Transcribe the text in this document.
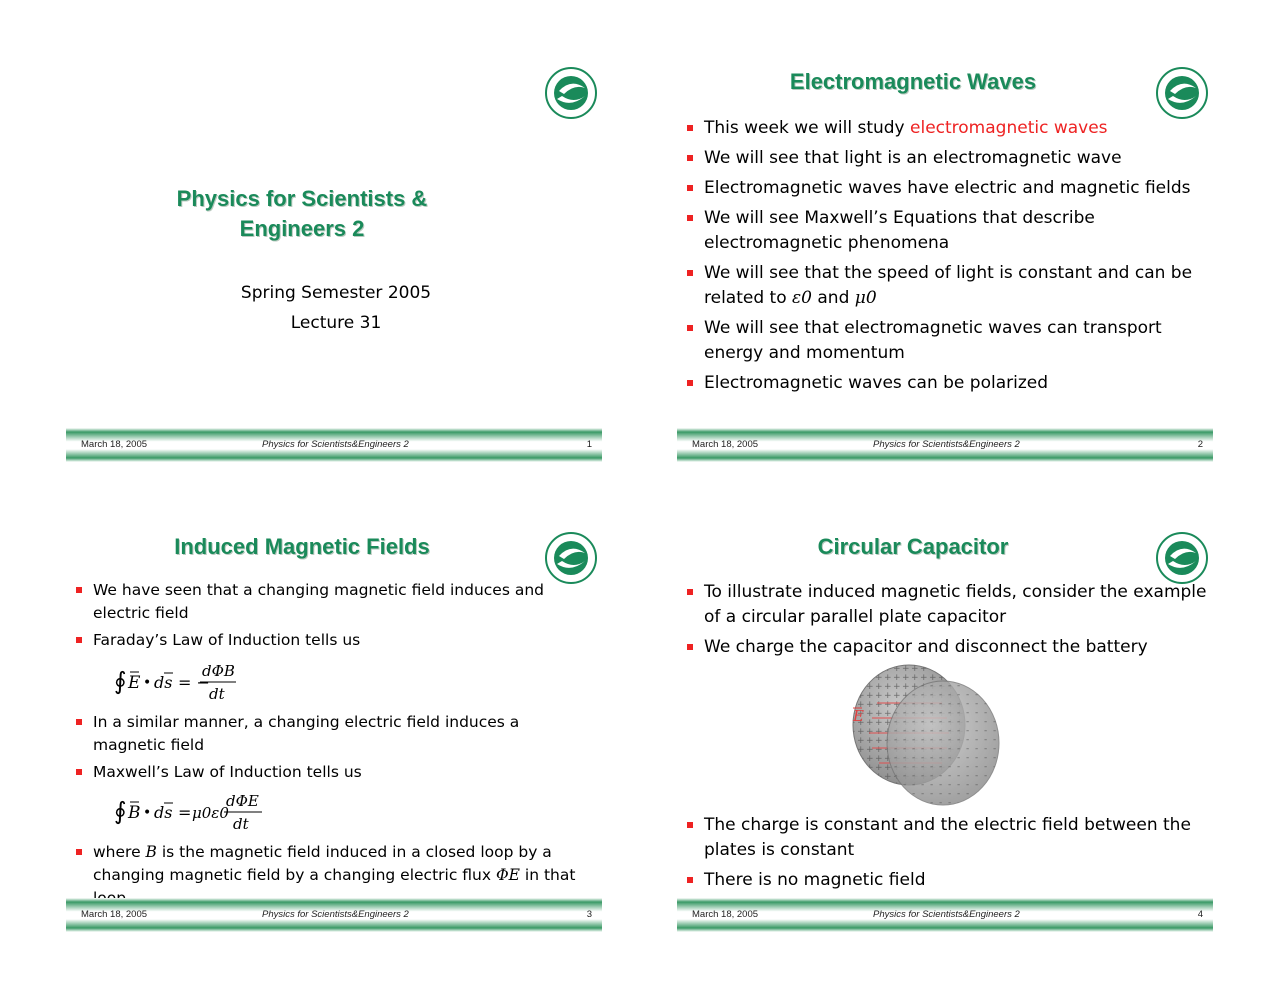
Physics for Scientists &
Engineers 2
Spring Semester 2005
Lecture 31
March 18, 2005	Physics for Scientists&Engineers 2	1
Electromagnetic Waves
This week we will study electromagnetic waves
We will see that light is an electromagnetic wave
Electromagnetic waves have electric and magnetic fields
We will see Maxwell’s Equations that describe electromagnetic phenomena
We will see that the speed of light is constant and can be related to ε0 and μ0
We will see that electromagnetic waves can transport energy and momentum
Electromagnetic waves can be polarized
March 18, 2005	Physics for Scientists&Engineers 2	2
Induced Magnetic Fields
We have seen that a changing magnetic field induces and electric field
Faraday’s Law of Induction tells us
∮ E • ds = −
dΦB
dt
In a similar manner, a changing electric field induces a magnetic field
Maxwell’s Law of Induction tells us
∮ B • ds = μ0ε0
dΦE
dt
where B is the magnetic field induced in a closed loop by a changing magnetic field by a changing electric flux ΦE in that
March 18, 2005	Physics for Scientists&Engineers 2	3
Circular Capacitor
To illustrate induced magnetic fields, consider the example of a circular parallel plate capacitor
We charge the capacitor and disconnect the battery
E
The charge is constant and the electric field between the plates is constant
There is no magnetic field
March 18, 2005	Physics for Scientists&Engineers 2	4
